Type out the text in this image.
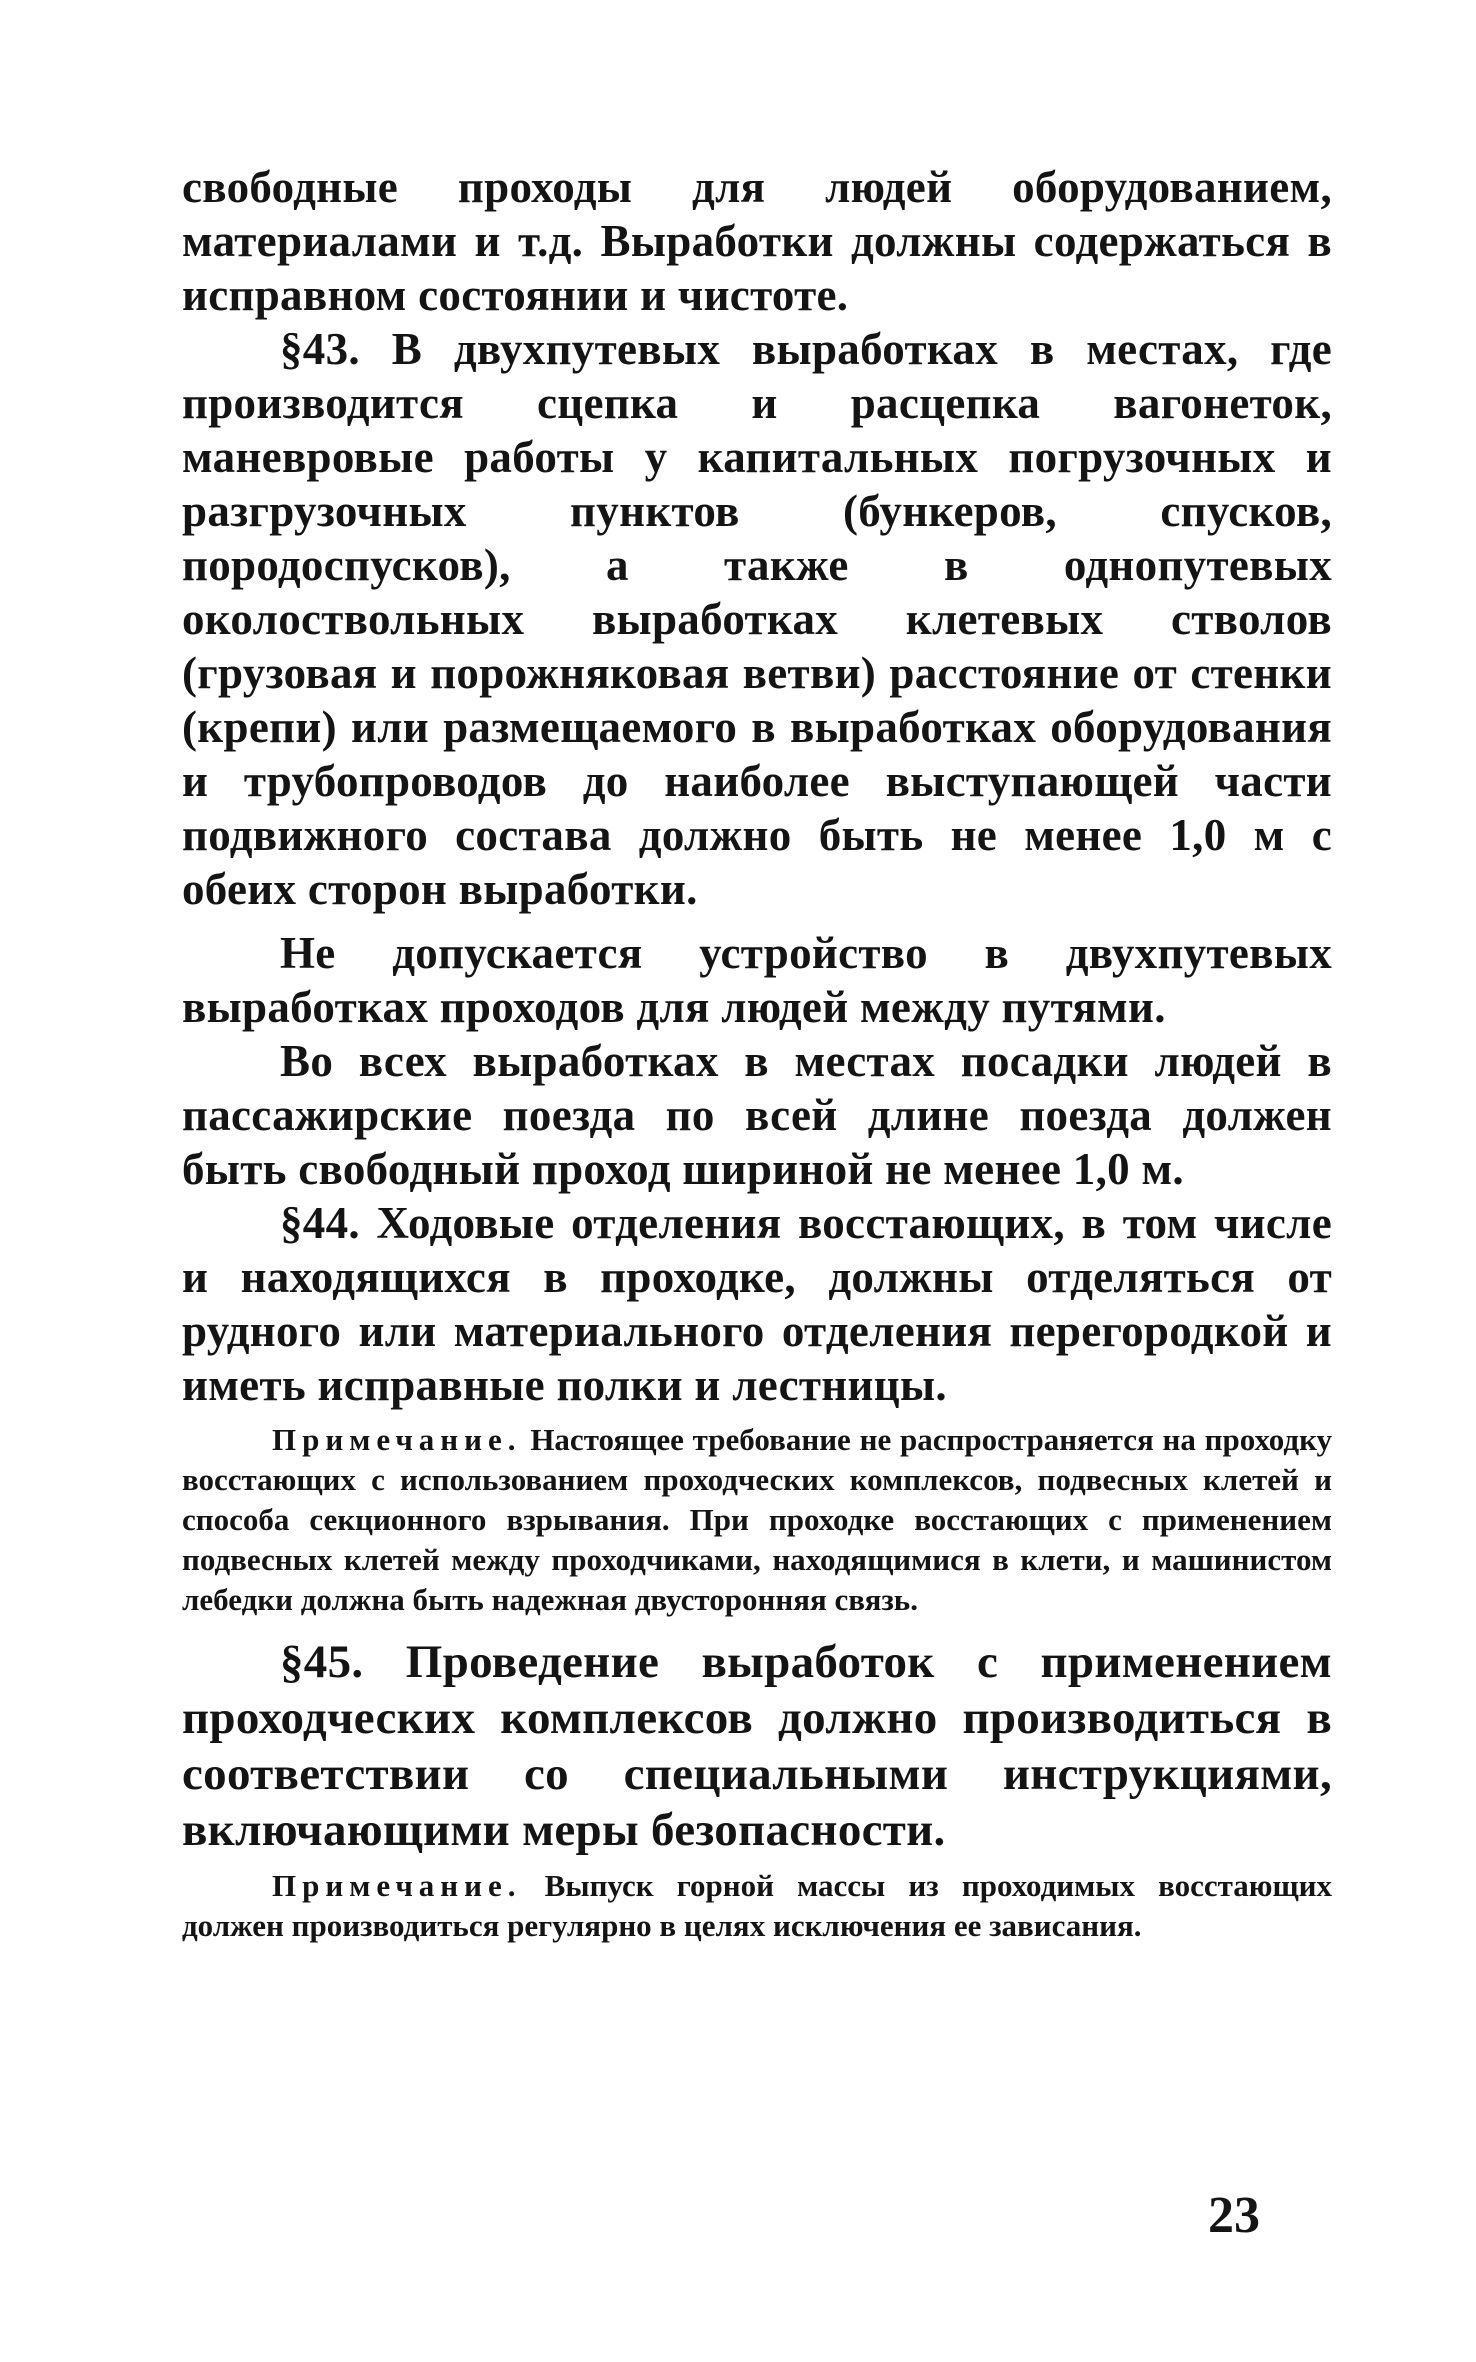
свободные проходы для людей оборудованием, материалами и т.д. Выработки должны содержаться в исправном состоянии и чистоте.

§43. В двухпутевых выработках в местах, где производится сцепка и расцепка вагонеток, маневровые работы у капитальных погрузочных и разгрузочных пунктов (бункеров, спусков, породоспусков), а также в однопутевых околоствольных выработках клетевых стволов (грузовая и порожняковая ветви) расстояние от стенки (крепи) или размещаемого в выработках оборудования и трубопроводов до наиболее выступающей части подвижного состава должно быть не менее 1,0 м с обеих сторон выработки.

Не допускается устройство в двухпутевых выработках проходов для людей между путями.

Во всех выработках в местах посадки людей в пассажирские поезда по всей длине поезда должен быть свободный проход шириной не менее 1,0 м.

§44. Ходовые отделения восстающих, в том числе и находящихся в проходке, должны отделяться от рудного или материального отделения перегородкой и иметь исправные полки и лестницы.

Примечание. Настоящее требование не распространяется на проходку восстающих с использованием проходческих комплексов, подвесных клетей и способа секционного взрывания. При проходке восстающих с применением подвесных клетей между проходчиками, находящимися в клети, и машинистом лебедки должна быть надежная двусторонняя связь.

§45. Проведение выработок с применением проходческих комплексов должно производиться в соответствии со специальными инструкциями, включающими меры безопасности.

Примечание. Выпуск горной массы из проходимых восстающих должен производиться регулярно в целях исключения ее зависания.

23
